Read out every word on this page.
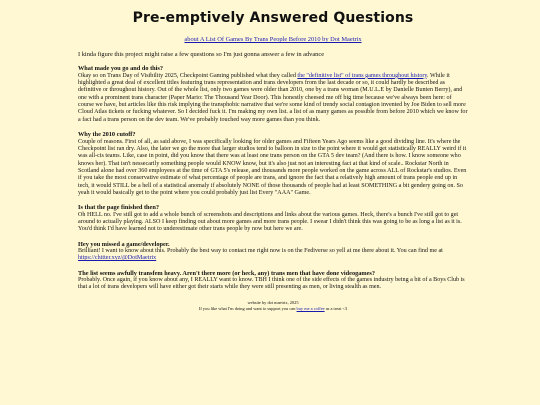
Pre-emptively Answered Questions
about A List Of Games By Trans People Before 2010 by Dot Maetrix
I kinda figure this project might raise a few questions so I'm just gonna answer a few in advance
What made you go and do this?

Okay so on Trans Day of Visibility 2025, Checkpoint Gaming published what they called the "definitive list" of trans games throughout history. While it highlighted a great deal of excellent titles featuring trans representation and trans developers from the last decade or so, it could hardly be described as definitive or throughout history. Out of the whole list, only two games were older than 2010, one by a trans woman (M.U.L.E by Danielle Bunten Berry), and one with a prominent trans character (Paper Mario: The Thousand Year Door). This honestly cheesed me off big time because we've always been here: of course we have, but articles like this risk implying the transphobic narrative that we're some kind of trendy social contagion invented by Joe Biden to sell more Cloud Atlas tickets or fucking whatever. So I decided fuck it. I'm making my own list. a list of as many games as possible from before 2010 which we know for a fact had a trans person on the dev team. We've probably touched way more games than you think.

Why the 2010 cutoff?

Couple of reasons. First of all, as said above, I was specifically looking for older games and Fifteen Years Ago seems like a good dividing line. It's where the Checkpoint list ran dry. Also, the later we go the more that larger studios tend to balloon in size to the point where it would get statistically REALLY weird if it was all-cis teams. Like, case in point, did you know that there was at least one trans person on the GTA 5 dev team? (And there is how. I know someone who knows her). That isn't nessecarily something people would KNOW know, but it's also just not an interesting fact at that kind of scale.. Rockstar North in Scotland alone had over 360 employees at the time of GTA 5's release, and thousands more people worked on the game across ALL of Rockstar's studios. Even if you take the most conservative estimate of what percentage of people are trans, and ignore the fact that a relatively high amount of trans people end up in tech, it would STILL be a hell of a statistical anomaly if absolutely NONE of those thousands of people had at least SOMETHING a bit gendery going on. So yeah it would basically get to the point where you could probably just list Every "AAA" Game.

Is that the page finished then?

Oh HELL no. I've still got to add a whole bunch of screenshots and descriptions and links about the various games. Heck, there's a bunch I've still got to get around to actually playing. ALSO I keep finding out about more games and more trans people. I swear I didn't think this was going to be as long a list as it is. You'd think I'd have learned not to underestimate other trans people by now but here we are.

Hey you missed a game/developer.

Brilliant! I want to know about this. Probably the best way to contact me right now is on the Fediverse so yell at me there about it. You can find me at https://chitter.xyz/@DotMaetrix

The list seems awfully transfem heavy. Aren't there more (or heck, any) trans men that have done videogames?

Probably. Once again, if you know about any, I REALLY want to know. TBH I think one of the side effects of the games industry being a bit of a Boys Club is that a lot of trans developers will have either got their starts while they were still presenting as men, or living stealth as men.

website by dot maetrix, 2025
If you like what I'm doing and want to support you can buy me a coffee as a treat <3
